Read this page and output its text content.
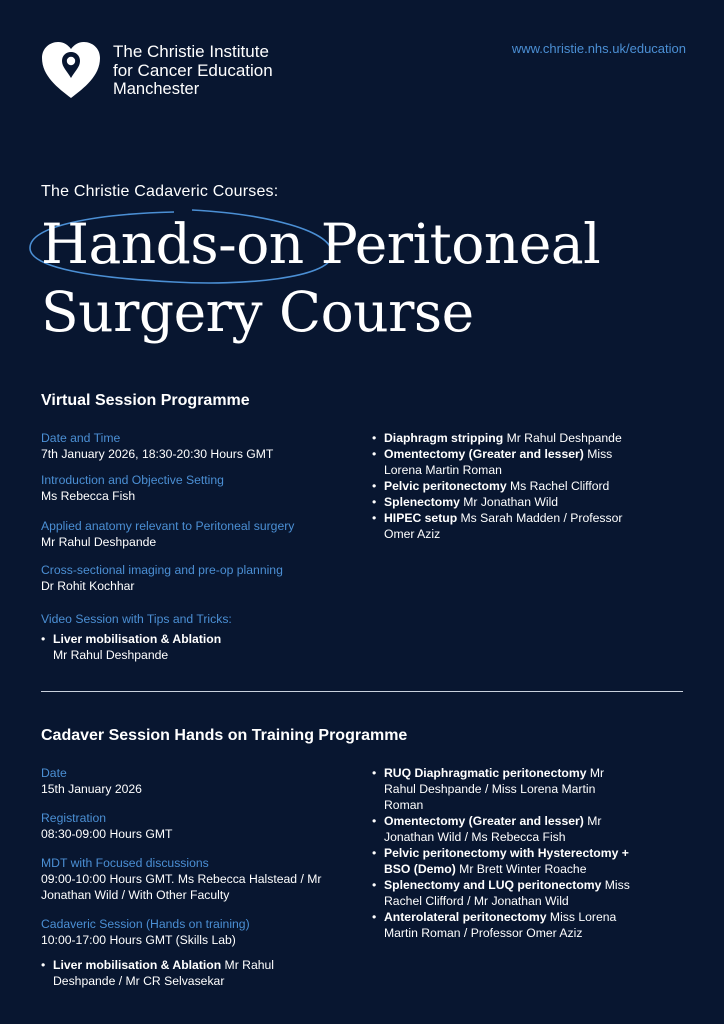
The Christie Institute
for Cancer Education
Manchester
www.christie.nhs.uk/education
The Christie Cadaveric Courses:
Hands-on Peritoneal
Surgery Course
Virtual Session Programme
Date and Time
7th January 2026, 18:30-20:30 Hours GMT
Introduction and Objective Setting
Ms Rebecca Fish
Applied anatomy relevant to Peritoneal surgery
Mr Rahul Deshpande
Cross-sectional imaging and pre-op planning
Dr Rohit Kochhar
Video Session with Tips and Tricks:
• Liver mobilisation & Ablation
Mr Rahul Deshpande
• Diaphragm stripping Mr Rahul Deshpande
• Omentectomy (Greater and lesser) Miss Lorena Martin Roman
• Pelvic peritonectomy Ms Rachel Clifford
• Splenectomy Mr Jonathan Wild
• HIPEC setup Ms Sarah Madden / Professor Omer Aziz
Cadaver Session Hands on Training Programme
Date
15th January 2026
Registration
08:30-09:00 Hours GMT
MDT with Focused discussions
09:00-10:00 Hours GMT. Ms Rebecca Halstead / Mr Jonathan Wild / With Other Faculty
Cadaveric Session (Hands on training)
10:00-17:00 Hours GMT (Skills Lab)
• Liver mobilisation & Ablation Mr Rahul Deshpande / Mr CR Selvasekar
• RUQ Diaphragmatic peritonectomy Mr Rahul Deshpande / Miss Lorena Martin Roman
• Omentectomy (Greater and lesser) Mr Jonathan Wild / Ms Rebecca Fish
• Pelvic peritonectomy with Hysterectomy + BSO (Demo) Mr Brett Winter Roache
• Splenectomy and LUQ peritonectomy Miss Rachel Clifford / Mr Jonathan Wild
• Anterolateral peritonectomy Miss Lorena Martin Roman / Professor Omer Aziz
